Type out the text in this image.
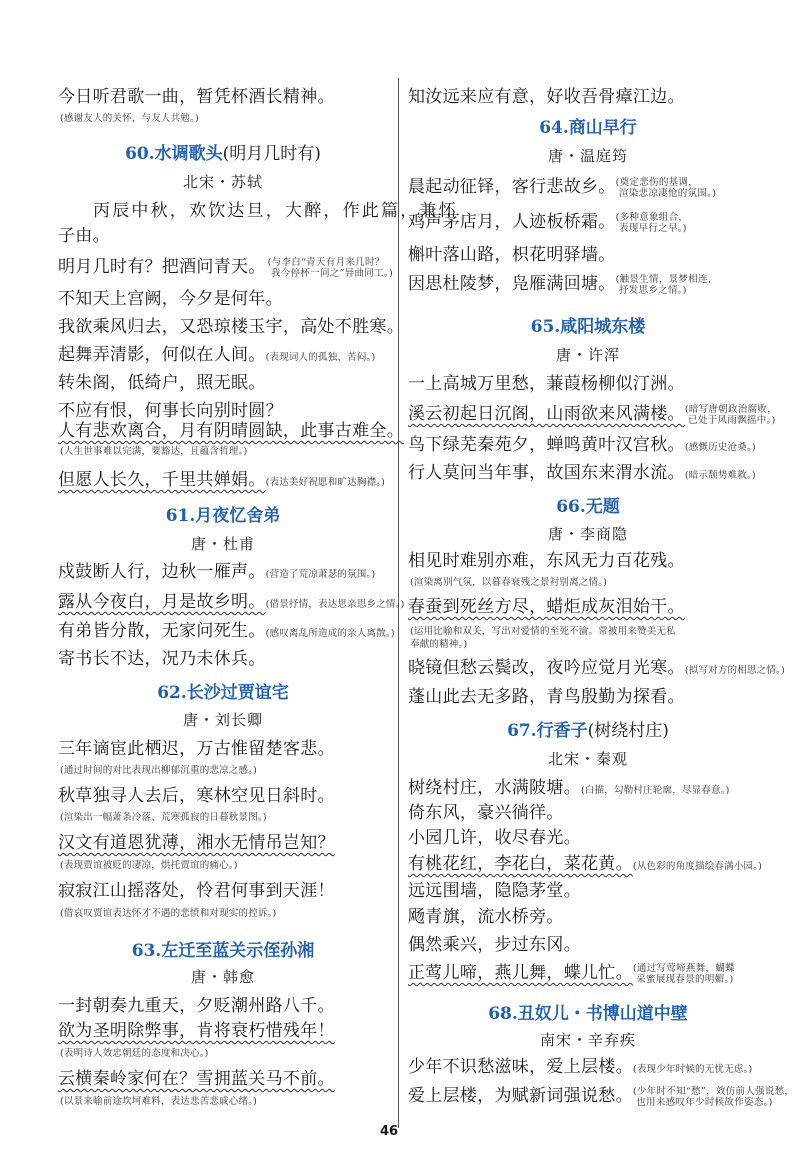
今日听君歌一曲，暂凭杯酒长精神。

(感谢友人的关怀，与友人共勉。)

60.水调歌头(明月几时有)
北宋・苏轼

丙辰中秋，欢饮达旦，大醉，作此篇，兼怀

子由。

明月几时有？把酒问青天。 (与李白“青天有月来几时？
我今停杯一问之”异曲同工。)

不知天上宫阙，今夕是何年。

我欲乘风归去，又恐琼楼玉宇，高处不胜寒。

起舞弄清影，何似在人间。(表现词人的孤独、苦闷。)

转朱阁，低绮户，照无眠。

不应有恨，何事长向别时圆？

人有悲欢离合，月有阴晴圆缺，此事古难全。

(人生世事难以完满，要豁达，且蕴含哲理。)

但愿人长久，千里共婵娟。(表达美好祝愿和旷达胸襟。)

61.月夜忆舍弟
唐・杜甫

戍鼓断人行，边秋一雁声。(营造了荒凉萧瑟的氛围。)

露从今夜白，月是故乡明。(借景抒情，表达思亲思乡之情。)

有弟皆分散，无家问死生。(感叹离乱所造成的亲人离散。)

寄书长不达，况乃未休兵。

62.长沙过贾谊宅
唐・刘长卿

三年谪宦此栖迟，万古惟留楚客悲。

(通过时间的对比表现出柳郁沉重的悲凉之感。)

秋草独寻人去后，寒林空见日斜时。

(渲染出一幅萧条冷落、荒寒孤寂的日暮秋景图。)

汉文有道恩犹薄，湘水无情吊岂知？

(表现贾谊被贬的凄凉，烘托贾谊的痛心。)

寂寂江山摇落处，怜君何事到天涯！

(借哀叹贾谊表达怀才不遇的悲愤和对现实的控诉。)

63.左迁至蓝关示侄孙湘
唐・韩愈

一封朝奏九重天，夕贬潮州路八千。

欲为圣明除弊事，肯将衰朽惜残年！

(表明诗人效忠朝廷的态度和决心。)

云横秦岭家何在？雪拥蓝关马不前。

(以景来喻前途坎坷难料，表达悲苦悲戚心绪。)

知汝远来应有意，好收吾骨瘴江边。

64.商山早行
唐・温庭筠

晨起动征铎，客行悲故乡。(奠定悲伤的基调，
渲染悲凉凄怆的氛围。)

鸡声茅店月，人迹板桥霜。(多种意象组合，
表现早行之早。)

槲叶落山路，枳花明驿墙。

因思杜陵梦，凫雁满回塘。(触景生情，景梦相连，
抒发思乡之情。)

65.咸阳城东楼
唐・许浑

一上高城万里愁，蒹葭杨柳似汀洲。

溪云初起日沉阁，山雨欲来风满楼。(暗写唐朝政治腐败，
已处于风雨飘摇中。)

鸟下绿芜秦苑夕，蝉鸣黄叶汉宫秋。(感慨历史沧桑。)

行人莫问当年事，故国东来渭水流。(暗示颓势难救。)

66.无题
唐・李商隐

相见时难别亦难，东风无力百花残。

(渲染离别气氛，以暮春衰残之景衬别离之情。)

春蚕到死丝方尽，蜡炬成灰泪始干。

(运用比喻和双关，写出对爱情的至死不渝。常被用来赞美无私

奉献的精神。)

晓镜但愁云鬓改，夜吟应觉月光寒。(拟写对方的相思之情。)

蓬山此去无多路，青鸟殷勤为探看。

67.行香子(树绕村庄)
北宋・秦观

树绕村庄，水满陂塘。(白描，勾勒村庄轮廓，尽显春意。)

倚东风，豪兴徜徉。

小园几许，收尽春光。

有桃花红，李花白，菜花黄。(从色彩的角度描绘春满小园。)

远远围墙，隐隐茅堂。

飏青旗，流水桥旁。

偶然乘兴，步过东冈。

正莺儿啼，燕儿舞，蝶儿忙。(通过写莺啼燕舞，蝴蝶
采蜜展现春景的明媚。)

68.丑奴儿・书博山道中壁
南宋・辛弃疾

少年不识愁滋味，爱上层楼。(表现少年时候的无忧无虑。)

爱上层楼，为赋新词强说愁。(少年时不知“愁”，效仿前人强说愁，
也用来感叹年少时候故作姿态。)

46
